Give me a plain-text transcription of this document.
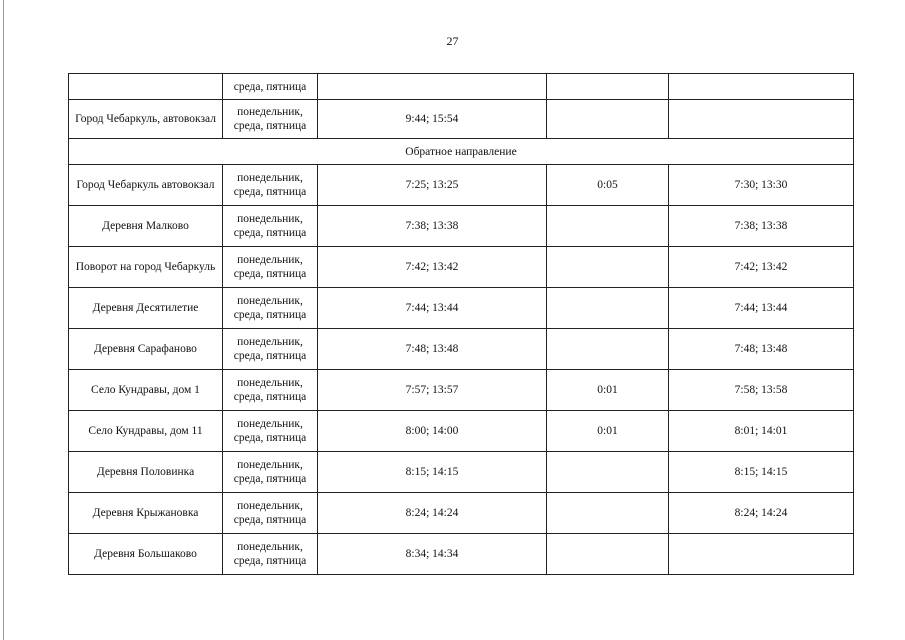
27
	среда, пятница			
Город Чебаркуль, автовокзал	понедельник, среда, пятница	9:44; 15:54		
Обратное направление				
Город Чебаркуль автовокзал	понедельник, среда, пятница	7:25; 13:25	0:05	7:30; 13:30
Деревня Малково	понедельник, среда, пятница	7:38; 13:38		7:38; 13:38
Поворот на город Чебаркуль	понедельник, среда, пятница	7:42; 13:42		7:42; 13:42
Деревня Десятилетие	понедельник, среда, пятница	7:44; 13:44		7:44; 13:44
Деревня Сарафаново	понедельник, среда, пятница	7:48; 13:48		7:48; 13:48
Село Кундравы, дом 1	понедельник, среда, пятница	7:57; 13:57	0:01	7:58; 13:58
Село Кундравы, дом 11	понедельник, среда, пятница	8:00; 14:00	0:01	8:01; 14:01
Деревня Половинка	понедельник, среда, пятница	8:15; 14:15		8:15; 14:15
Деревня Крыжановка	понедельник, среда, пятница	8:24; 14:24		8:24; 14:24
Деревня Большаково	понедельник, среда, пятница	8:34; 14:34		
